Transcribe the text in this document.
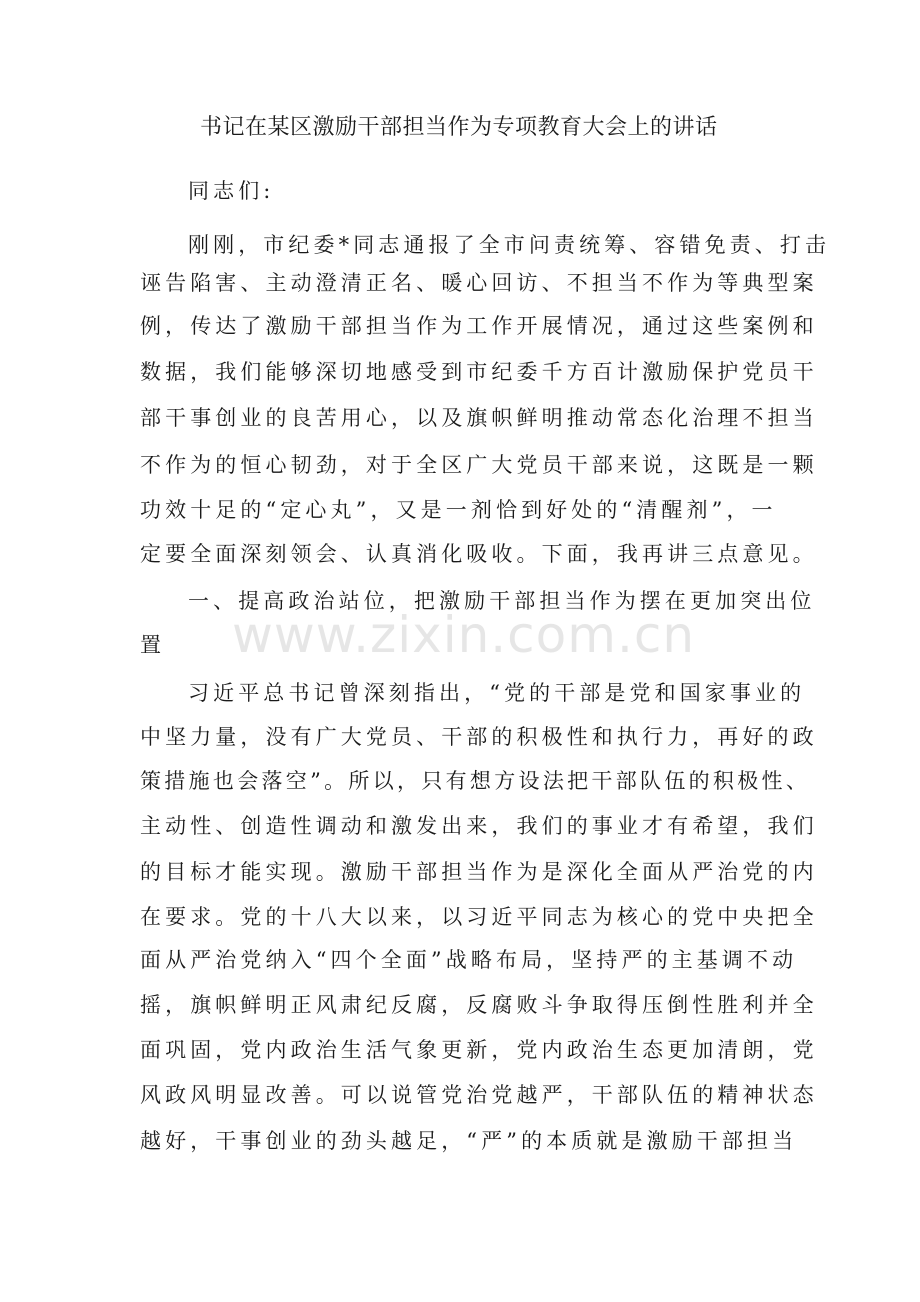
书记在某区激励干部担当作为专项教育大会上的讲话
同志们:
刚刚，市纪委*同志通报了全市问责统筹、容错免责、打击
诬告陷害、主动澄清正名、暖心回访、不担当不作为等典型案
例，传达了激励干部担当作为工作开展情况，通过这些案例和
数据，我们能够深切地感受到市纪委千方百计激励保护党员干
部干事创业的良苦用心，以及旗帜鲜明推动常态化治理不担当
不作为的恒心韧劲，对于全区广大党员干部来说，这既是一颗
功效十足的“定心丸”，又是一剂恰到好处的“清醒剂”，一
定要全面深刻领会、认真消化吸收。下面，我再讲三点意见。
一、提高政治站位，把激励干部担当作为摆在更加突出位
置
习近平总书记曾深刻指出，“党的干部是党和国家事业的
中坚力量，没有广大党员、干部的积极性和执行力，再好的政
策措施也会落空”。所以，只有想方设法把干部队伍的积极性、
主动性、创造性调动和激发出来，我们的事业才有希望，我们
的目标才能实现。激励干部担当作为是深化全面从严治党的内
在要求。党的十八大以来，以习近平同志为核心的党中央把全
面从严治党纳入“四个全面”战略布局，坚持严的主基调不动
摇，旗帜鲜明正风肃纪反腐，反腐败斗争取得压倒性胜利并全
面巩固，党内政治生活气象更新，党内政治生态更加清朗，党
风政风明显改善。可以说管党治党越严，干部队伍的精神状态
越好，干事创业的劲头越足，“严”的本质就是激励干部担当
www.zixin.com.cn
